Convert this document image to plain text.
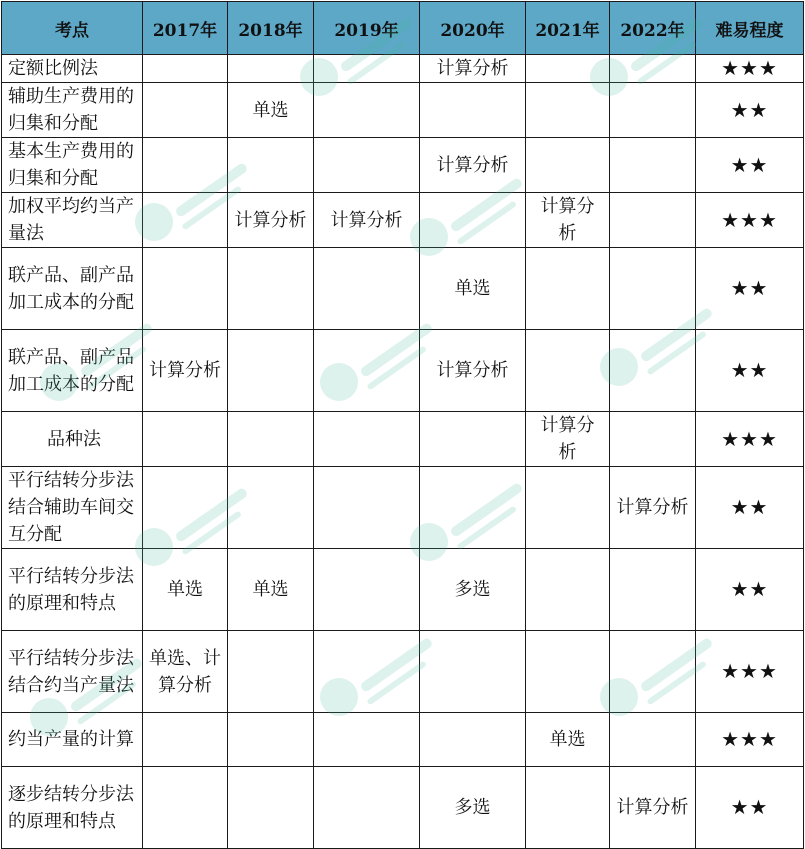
考点	2017年	2018年	2019年	2020年	2021年	2022年	难易程度
定额比例法				计算分析			★★★
辅助生产费用的归集和分配		单选					★★
基本生产费用的归集和分配				计算分析			★★
加权平均约当产量法		计算分析	计算分析		计算分析		★★★
联产品、副产品加工成本的分配				单选			★★
联产品、副产品加工成本的分配	计算分析			计算分析			★★
品种法					计算分析		★★★
平行结转分步法结合辅助车间交互分配						计算分析	★★
平行结转分步法的原理和特点	单选	单选		多选			★★
平行结转分步法结合约当产量法	单选、计算分析						★★★
约当产量的计算					单选		★★★
逐步结转分步法的原理和特点				多选		计算分析	★★
